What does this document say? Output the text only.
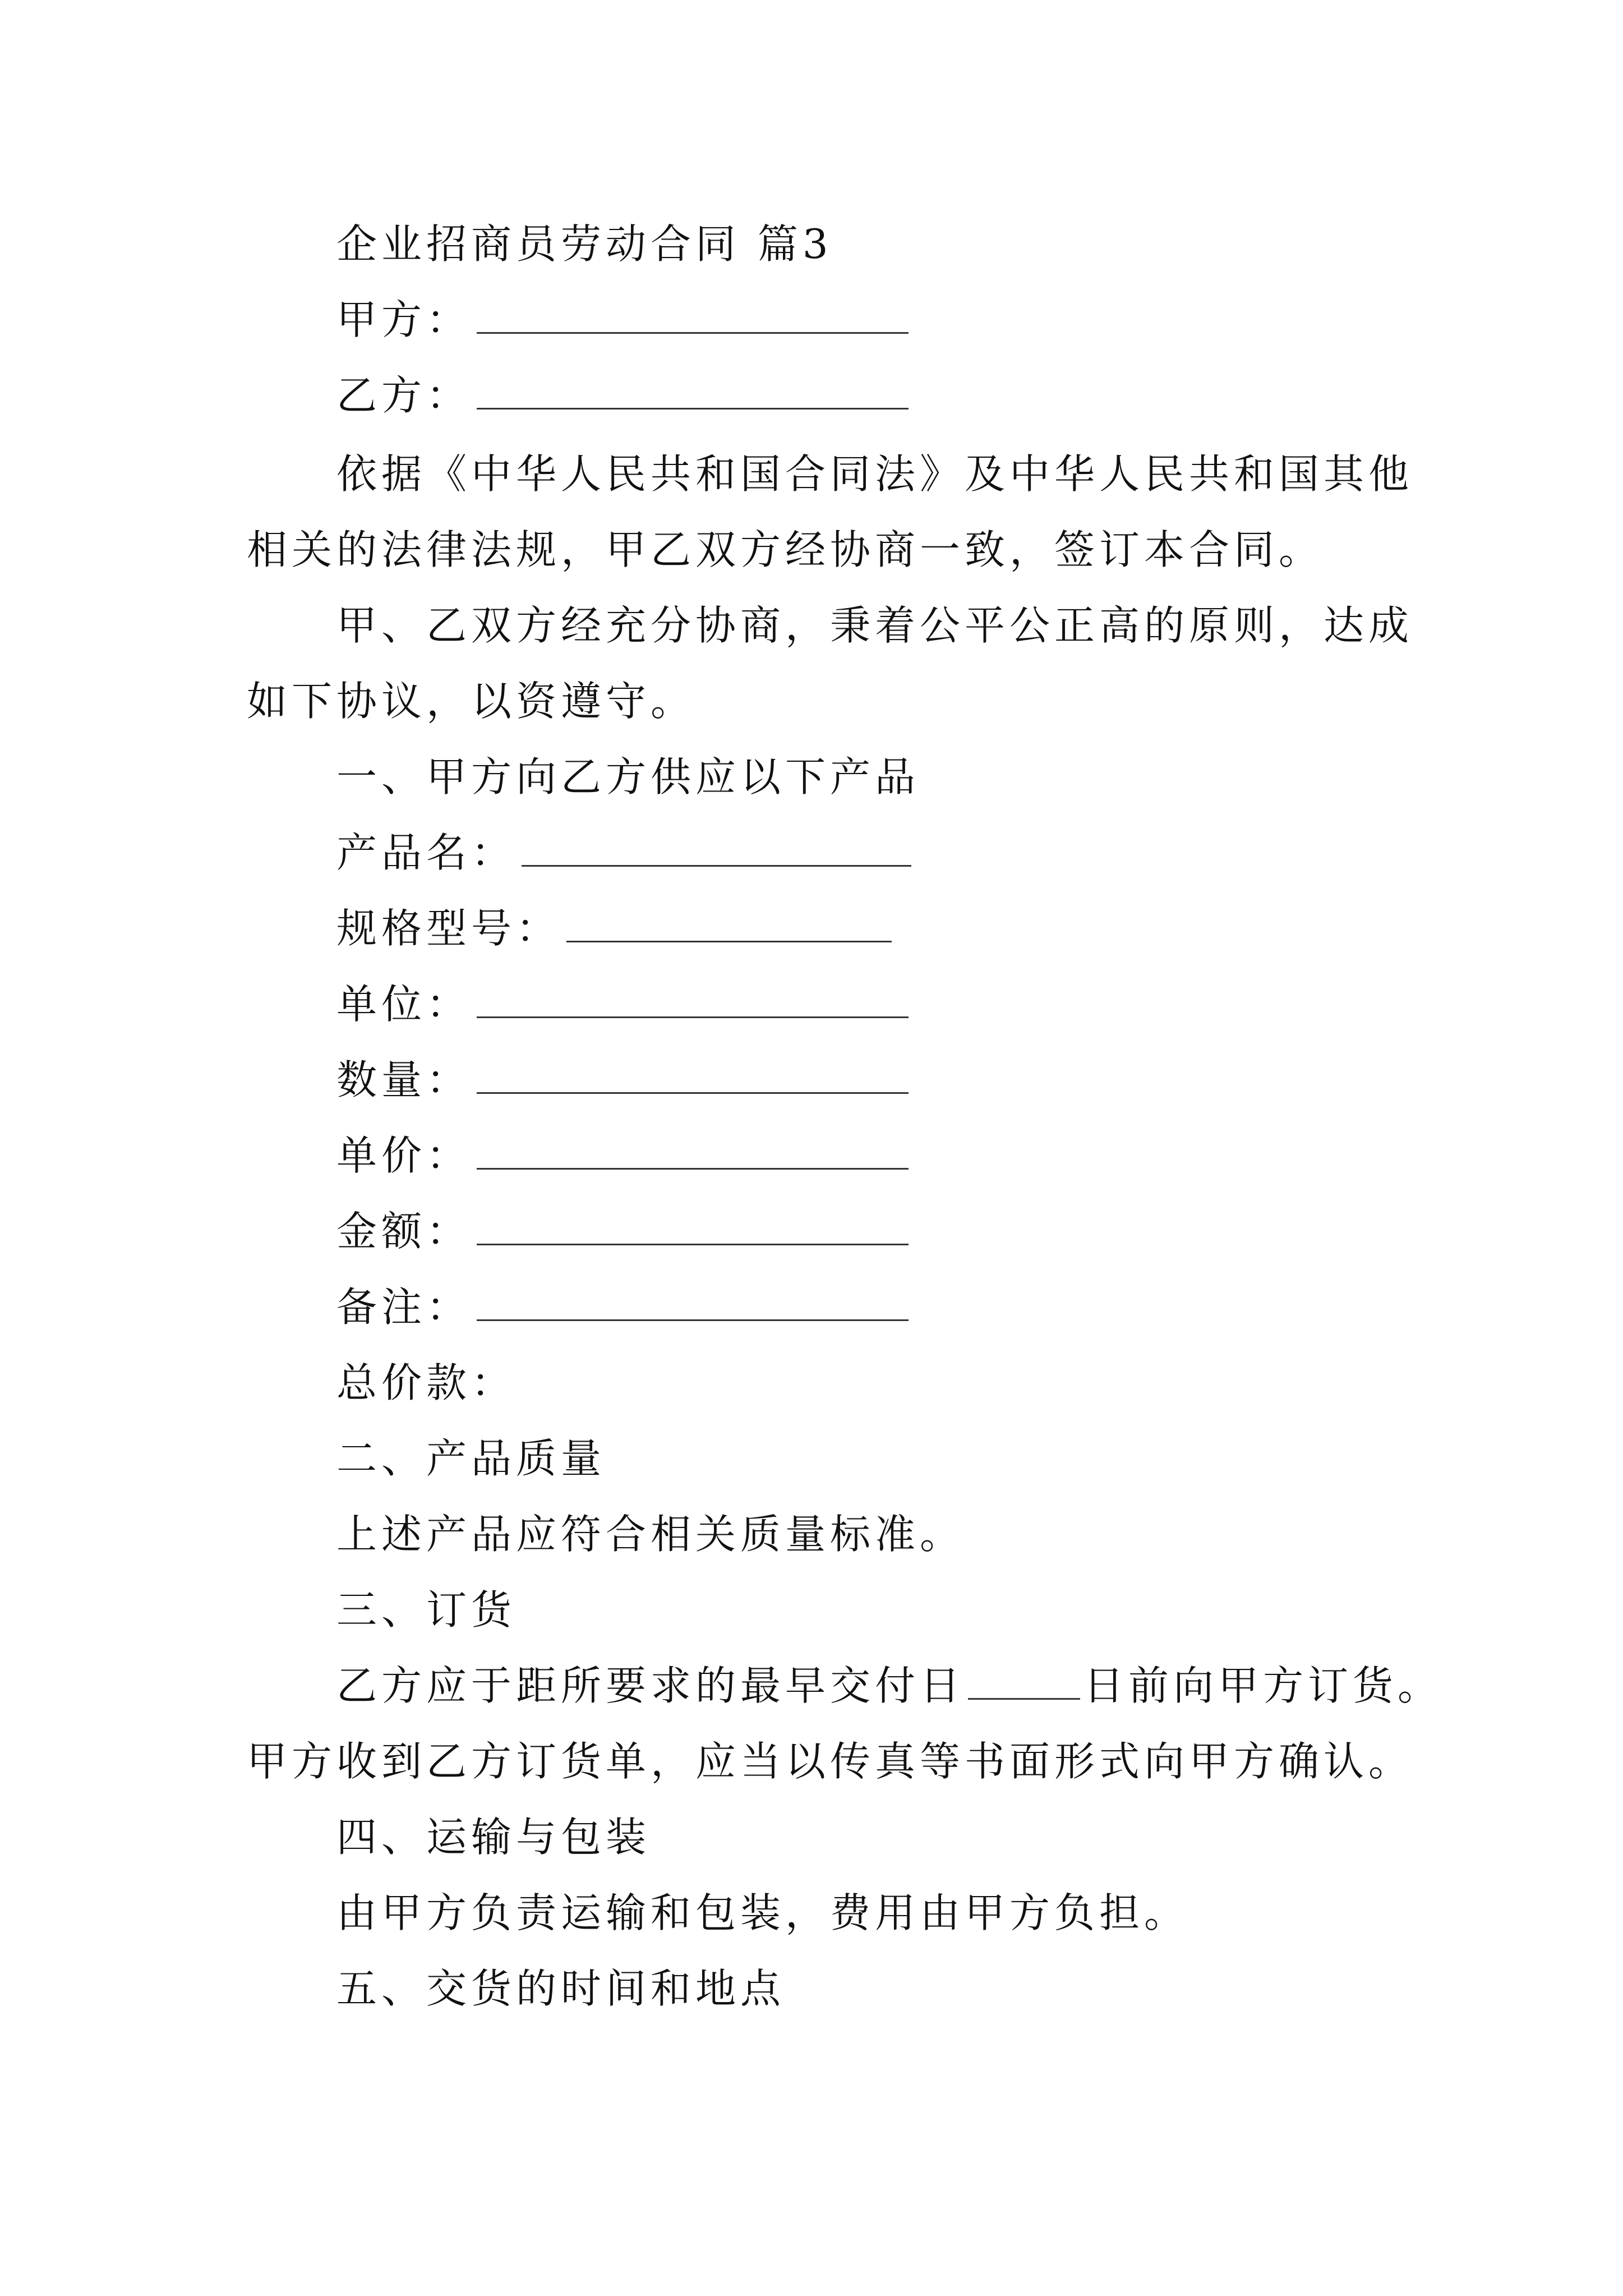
企业招商员劳动合同 篇3
甲方：
乙方：
依据《中华人民共和国合同法》及中华人民共和国其他
相关的法律法规，甲乙双方经协商一致，签订本合同。
甲、乙双方经充分协商，秉着公平公正高的原则，达成
如下协议，以资遵守。
一、甲方向乙方供应以下产品
产品名：
规格型号：
单位：
数量：
单价：
金额：
备注：
总价款：
二、产品质量
上述产品应符合相关质量标准。
三、订货
乙方应于距所要求的最早交付日	日前向甲方订货。
甲方收到乙方订货单，应当以传真等书面形式向甲方确认。
四、运输与包装
由甲方负责运输和包装，费用由甲方负担。
五、交货的时间和地点
